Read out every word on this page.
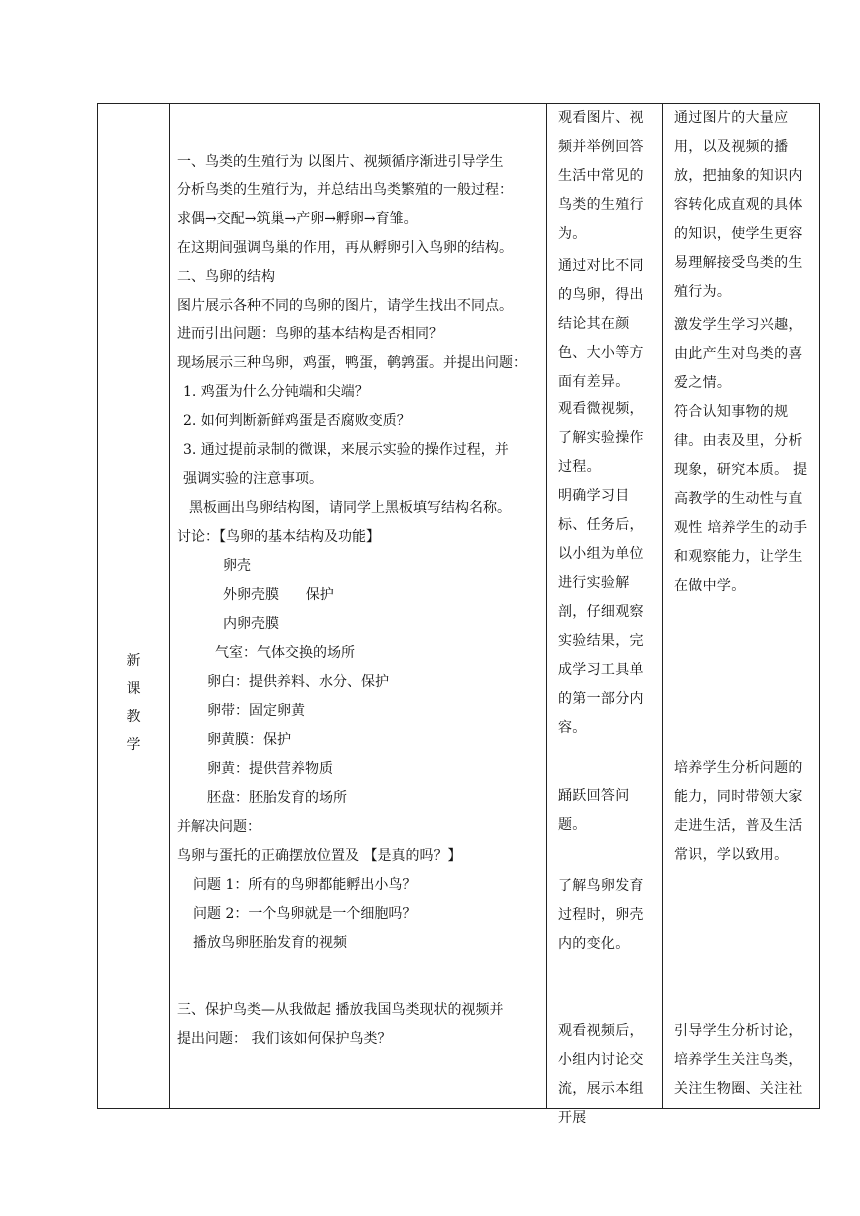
新
课
教
学
一、鸟类的生殖行为 以图片、视频循序渐进引导学生
分析鸟类的生殖行为，并总结出鸟类繁殖的一般过程：
求偶→交配→筑巢→产卵→孵卵→育雏。
在这期间强调鸟巢的作用，再从孵卵引入鸟卵的结构。
二、鸟卵的结构
图片展示各种不同的鸟卵的图片，请学生找出不同点。
进而引出问题：鸟卵的基本结构是否相同？
现场展示三种鸟卵，鸡蛋，鸭蛋，鹌鹑蛋。并提出问题：
1. 鸡蛋为什么分钝端和尖端？
2. 如何判断新鲜鸡蛋是否腐败变质？
3. 通过提前录制的微课，来展示实验的操作过程，并
强调实验的注意事项。
黑板画出鸟卵结构图，请同学上黑板填写结构名称。
讨论：【鸟卵的基本结构及功能】
卵壳
外卵壳膜      保护
内卵壳膜
气室：气体交换的场所
卵白：提供养料、水分、保护
卵带：固定卵黄
卵黄膜：保护
卵黄：提供营养物质
胚盘：胚胎发育的场所
并解决问题：
鸟卵与蛋托的正确摆放位置及 【是真的吗？】
问题 1：所有的鸟卵都能孵出小鸟？
问题 2：一个鸟卵就是一个细胞吗？
播放鸟卵胚胎发育的视频
三、保护鸟类—从我做起 播放我国鸟类现状的视频并
提出问题： 我们该如何保护鸟类？
观看图片、视频并举例回答生活中常见的鸟类的生殖行为。
通过对比不同的鸟卵，得出结论其在颜色、大小等方面有差异。
观看微视频，了解实验操作过程。
明确学习目标、任务后，以小组为单位进行实验解剖，仔细观察实验结果，完成学习工具单的第一部分内容。
踊跃回答问题。
了解鸟卵发育过程时，卵壳内的变化。
观看视频后，小组内讨论交流，展示本组开展
通过图片的大量应用，以及视频的播放，把抽象的知识内容转化成直观的具体的知识，使学生更容易理解接受鸟类的生殖行为。
激发学生学习兴趣，由此产生对鸟类的喜爱之情。
符合认知事物的规律。由表及里，分析现象，研究本质。 提高教学的生动性与直观性 培养学生的动手和观察能力，让学生在做中学。
培养学生分析问题的能力，同时带领大家走进生活，普及生活常识，学以致用。
引导学生分析讨论，培养学生关注鸟类，关注生物圈、关注社
